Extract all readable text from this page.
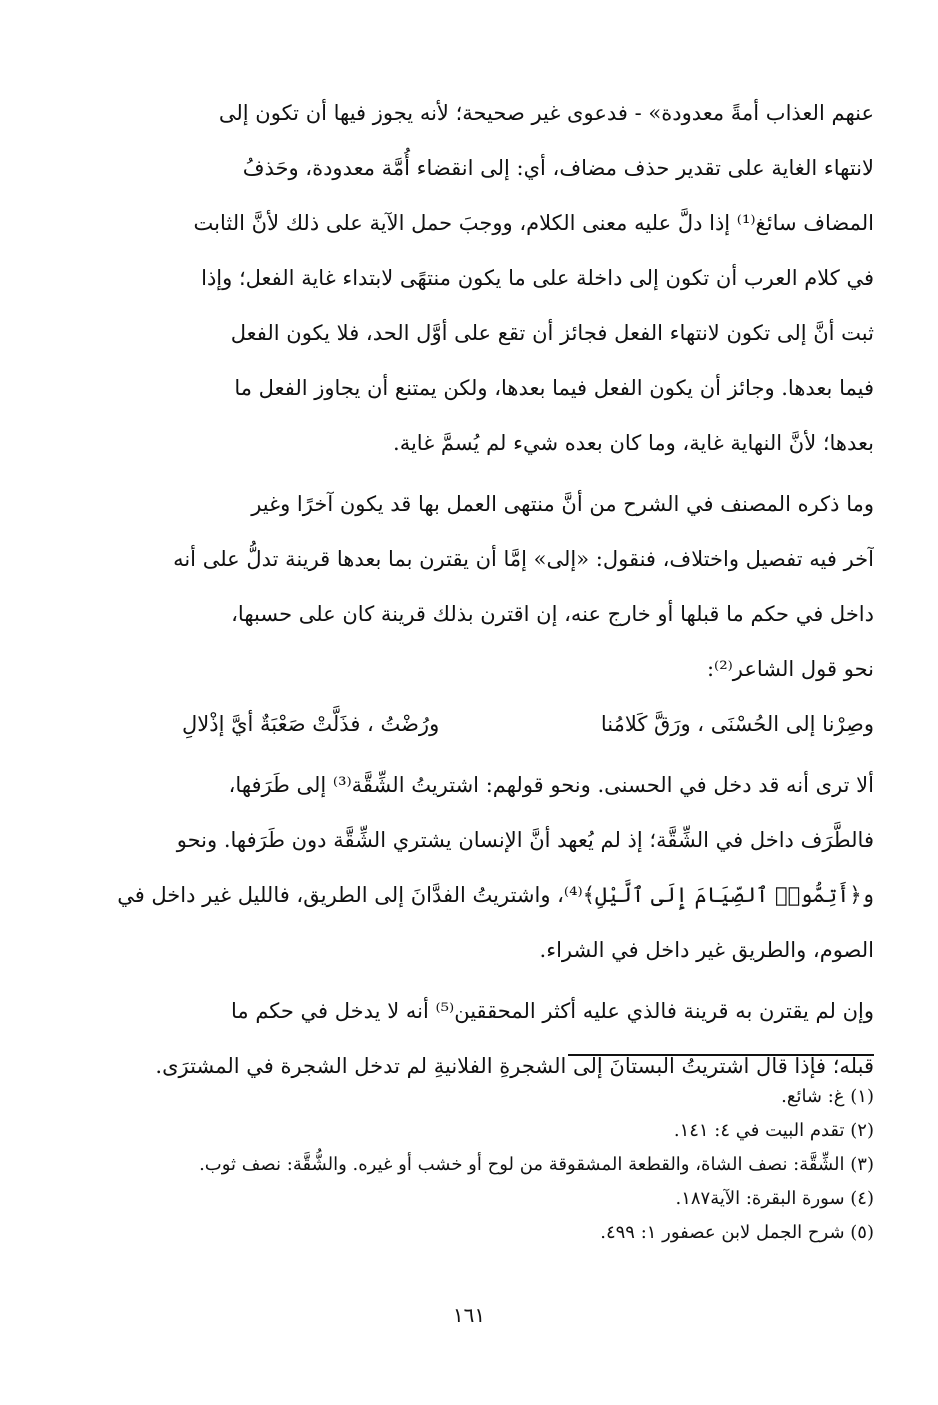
عنهم العذاب أمةً معدودة» - فدعوى غير صحيحة؛ لأنه يجوز فيها أن تكون إلى
لانتهاء الغاية على تقدير حذف مضاف، أي: إلى انقضاء أُمَّة معدودة، وحَذفُ
المضاف سائغ⁽¹⁾ إذا دلَّ عليه معنى الكلام، ووجبَ حمل الآية على ذلك لأنَّ الثابت
في كلام العرب أن تكون إلى داخلة على ما يكون منتهًى لابتداء غاية الفعل؛ وإذا
ثبت أنَّ إلى تكون لانتهاء الفعل فجائز أن تقع على أوَّل الحد، فلا يكون الفعل
فيما بعدها. وجائز أن يكون الفعل فيما بعدها، ولكن يمتنع أن يجاوز الفعل ما
بعدها؛ لأنَّ النهاية غاية، وما كان بعده شيء لم يُسمَّ غاية.
وما ذكره المصنف في الشرح من أنَّ منتهى العمل بها قد يكون آخرًا وغير
آخر فيه تفصيل واختلاف، فنقول: «إلى» إمَّا أن يقترن بما بعدها قرينة تدلُّ على أنه
داخل في حكم ما قبلها أو خارج عنه، إن اقترن بذلك قرينة كان على حسبها،
نحو قول الشاعر⁽²⁾:
وصِرْنا إلى الحُسْنَى ، ورَقَّ كَلامُنا
ورُضْتُ ، فذَلَّتْ صَعْبَةٌ أيَّ إذْلالِ
ألا ترى أنه قد دخل في الحسنى. ونحو قولهم: اشتريتُ الشِّقَّة⁽³⁾ إلى طَرَفها،
فالطَّرَف داخل في الشِّقَّة؛ إذ لم يُعهد أنَّ الإنسان يشتري الشِّقَّة دون طَرَفها. ونحو
و﴿أَتِمُّوا۟ ٱلصِّيَامَ إِلَى ٱلَّيْلِ﴾⁽⁴⁾، واشتريتُ الفدَّانَ إلى الطريق، فالليل غير داخل في
الصوم، والطريق غير داخل في الشراء.
وإن لم يقترن به قرينة فالذي عليه أكثر المحققين⁽⁵⁾ أنه لا يدخل في حكم ما
قبله؛ فإذا قال اشتريتُ البستانَ إلى الشجرةِ الفلانيةِ لم تدخل الشجرة في المشترَى.
(١) غ: شائع.
(٢) تقدم البيت في ٤: ١٤١.
(٣) الشِّقَّة: نصف الشاة، والقطعة المشقوقة من لوح أو خشب أو غيره. والشُّقَّة: نصف ثوب.
(٤) سورة البقرة: الآية١٨٧.
(٥) شرح الجمل لابن عصفور ١: ٤٩٩.
١٦١
